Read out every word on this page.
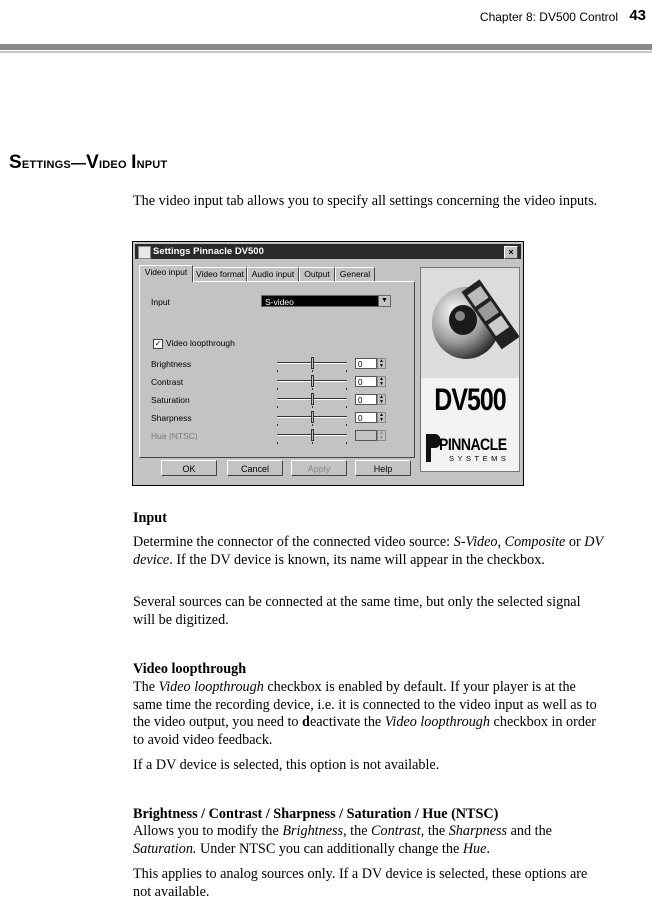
Chapter 8: DV500 Control 43
Settings—Video Input
The video input tab allows you to specify all settings concerning the video inputs.
Settings Pinnacle DV500	×
Video input	Video format Audio input	Output	General
Input	S-video	▼
✓ Video loopthrough
Brightness	0	▲
▼
Contrast	0	▲
▼
Saturation	0	▲
▼
Sharpness	0	▲
▼
Hue (NTSC)	▲
▼
OK	Cancel	Apply	Help
DV500
PINNACLE
SYSTEMS
Input
Determine the connector of the connected video source: S-Video, Composite or DV device. If the DV device is known, its name will appear in the checkbox.
Several sources can be connected at the same time, but only the selected signal will be digitized.
Video loopthrough
The Video loopthrough checkbox is enabled by default. If your player is at the same time the recording device, i.e. it is connected to the video input as well as to the video output, you need to deactivate the Video loopthrough checkbox in order to avoid video feedback.
If a DV device is selected, this option is not available.
Brightness / Contrast / Sharpness / Saturation / Hue (NTSC)
Allows you to modify the Brightness, the Contrast, the Sharpness and the Saturation. Under NTSC you can additionally change the Hue.
This applies to analog sources only. If a DV device is selected, these options are not available.
